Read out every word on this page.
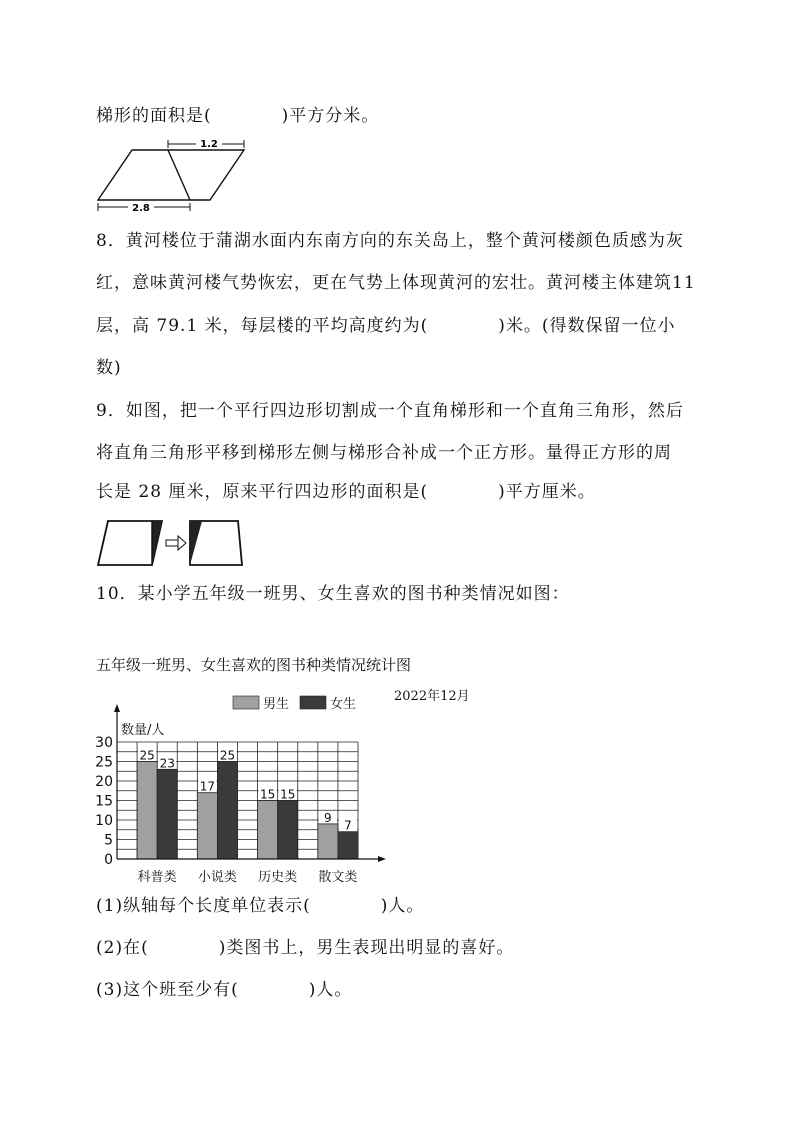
梯形的面积是(	)平方分米。
1.2
2.8
8．黄河楼位于蒲湖水面内东南方向的东关岛上，整个黄河楼颜色质感为灰
红，意味黄河楼气势恢宏，更在气势上体现黄河的宏壮。黄河楼主体建筑11
层，高 79.1 米，每层楼的平均高度约为(	)米。(得数保留一位小
数)
9．如图，把一个平行四边形切割成一个直角梯形和一个直角三角形，然后
将直角三角形平移到梯形左侧与梯形合补成一个正方形。量得正方形的周
长是 28 厘米，原来平行四边形的面积是(	)平方厘米。
10．某小学五年级一班男、女生喜欢的图书种类情况如图：
五年级一班男、女生喜欢的图书种类情况统计图
2022年12月
25
23
科普类
17
25
小说类
15 15
历史类
9
7
散文类
0
5
10
15
20
25
30
数量/人
男生	女生
(1)纵轴每个长度单位表示(	)人。
(2)在(	)类图书上，男生表现出明显的喜好。
(3)这个班至少有(	)人。
